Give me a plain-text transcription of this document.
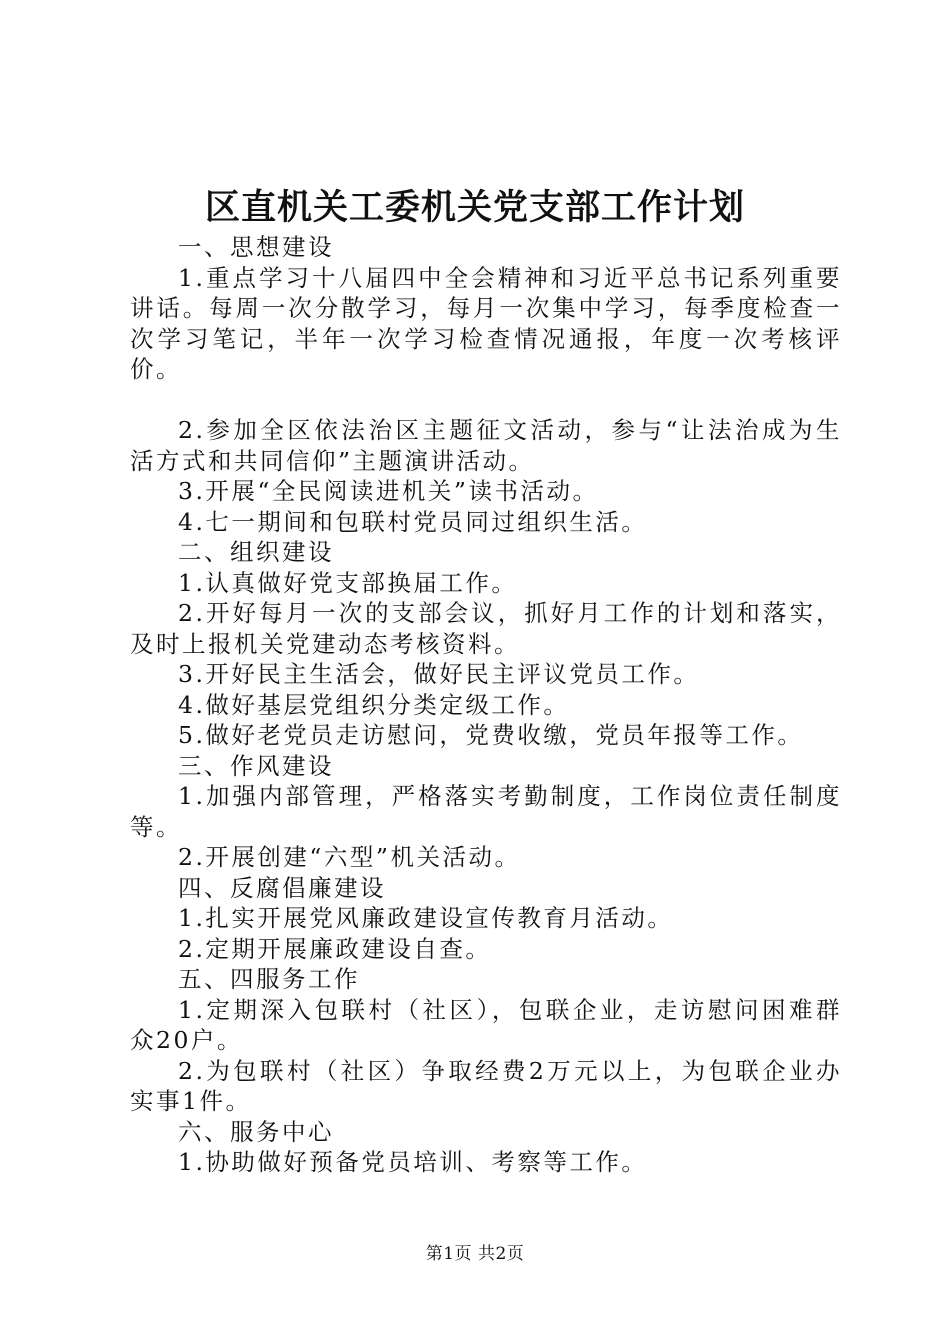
区直机关工委机关党支部工作计划

一、思想建设

1.重点学习十八届四中全会精神和习近平总书记系列重要讲话。每周一次分散学习，每月一次集中学习，每季度检查一次学习笔记，半年一次学习检查情况通报，年度一次考核评价。

2.参加全区依法治区主题征文活动，参与“让法治成为生活方式和共同信仰”主题演讲活动。

3.开展“全民阅读进机关”读书活动。

4.七一期间和包联村党员同过组织生活。

二、组织建设

1.认真做好党支部换届工作。

2.开好每月一次的支部会议，抓好月工作的计划和落实，及时上报机关党建动态考核资料。

3.开好民主生活会，做好民主评议党员工作。

4.做好基层党组织分类定级工作。

5.做好老党员走访慰问，党费收缴，党员年报等工作。

三、作风建设

1.加强内部管理，严格落实考勤制度，工作岗位责任制度等。

2.开展创建“六型”机关活动。

四、反腐倡廉建设

1.扎实开展党风廉政建设宣传教育月活动。

2.定期开展廉政建设自查。

五、四服务工作

1.定期深入包联村（社区），包联企业，走访慰问困难群众20户。

2.为包联村（社区）争取经费2万元以上，为包联企业办实事1件。

六、服务中心

1.协助做好预备党员培训、考察等工作。

第1页 共2页
